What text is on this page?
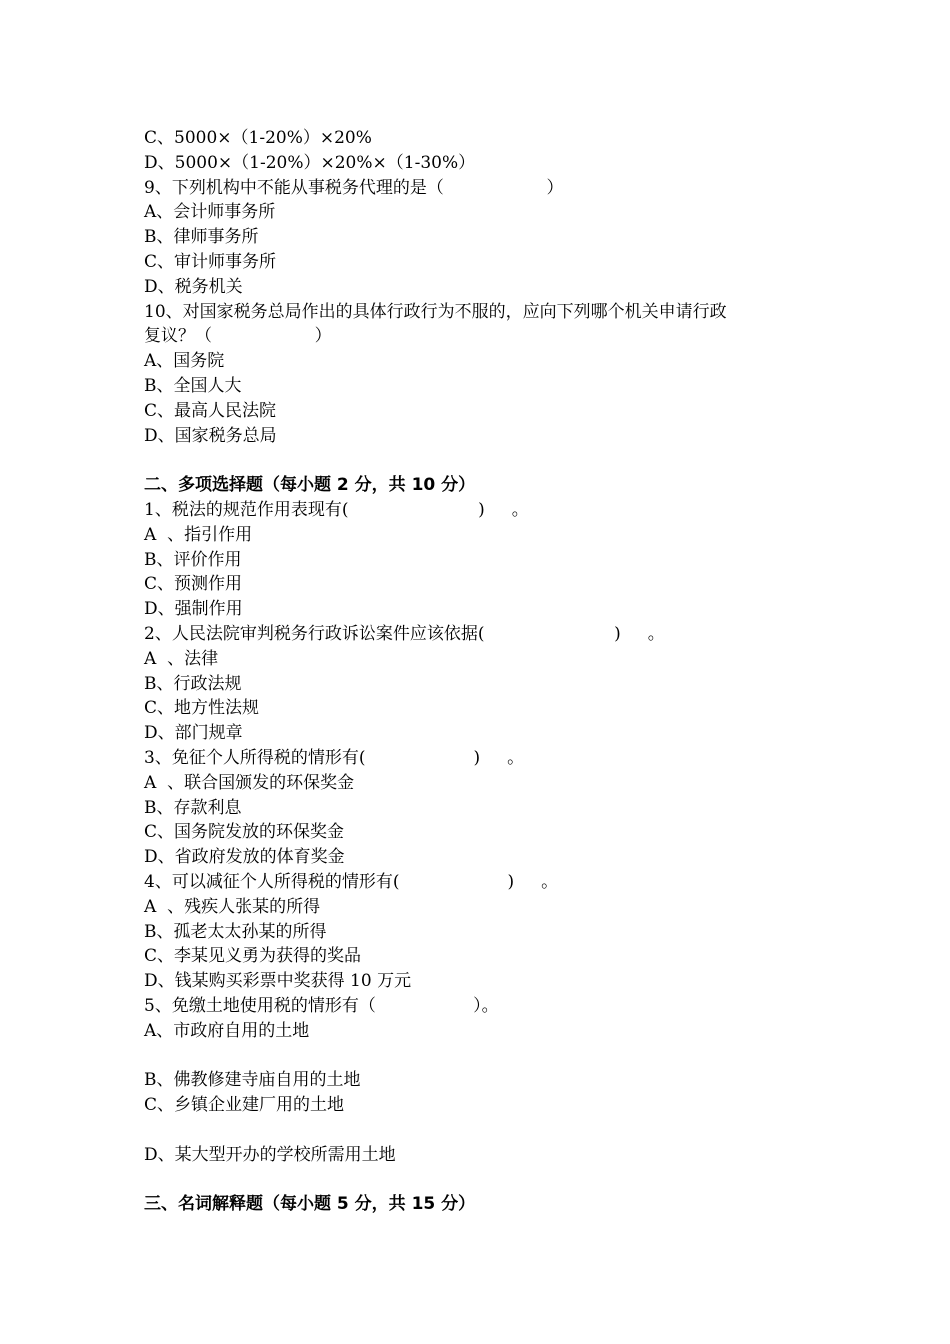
C、5000×（1-20%）×20%
D、5000×（1-20%）×20%×（1-30%）
9、下列机构中不能从事税务代理的是（                   ）
A、会计师事务所
B、律师事务所
C、审计师事务所
D、税务机关
10、对国家税务总局作出的具体行政行为不服的，应向下列哪个机关申请行政
复议？（                   ）
A、国务院
B、全国人大
C、最高人民法院
D、国家税务总局
二、多项选择题（每小题 2 分，共 10 分）
1、税法的规范作用表现有(                        )     。
A  、指引作用
B、评价作用
C、预测作用
D、强制作用
2、人民法院审判税务行政诉讼案件应该依据(                        )     。
A  、法律
B、行政法规
C、地方性法规
D、部门规章
3、免征个人所得税的情形有(                    )     。
A  、联合国颁发的环保奖金
B、存款利息
C、国务院发放的环保奖金
D、省政府发放的体育奖金
4、可以减征个人所得税的情形有(                    )     。
A  、残疾人张某的所得
B、孤老太太孙某的所得
C、李某见义勇为获得的奖品
D、钱某购买彩票中奖获得 10 万元
5、免缴土地使用税的情形有（                  ）。
A、市政府自用的土地
B、佛教修建寺庙自用的土地
C、乡镇企业建厂用的土地
D、某大型开办的学校所需用土地
三、名词解释题（每小题 5 分，共 15 分）
